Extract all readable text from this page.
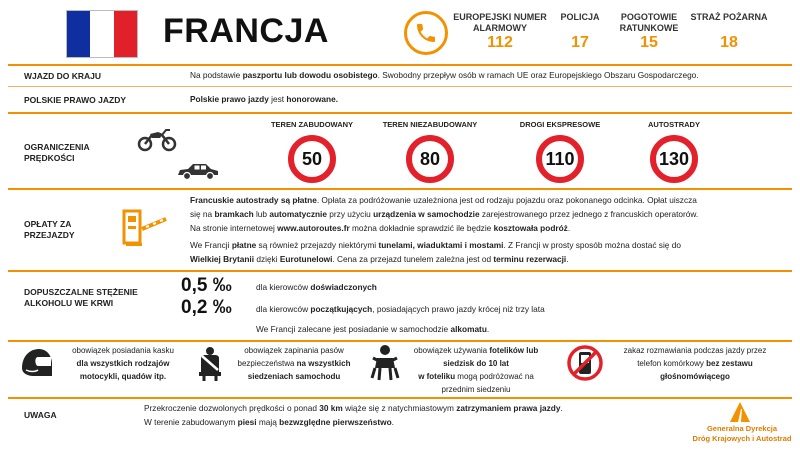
FRANCJA	EUROPEJSKI NUMER ALARMOWY
112
POLICJA
17
POGOTOWIE RATUNKOWE
15
STRAŻ POŻARNA
18
WJAZD DO KRAJU	Na podstawie paszportu lub dowodu osobistego. Swobodny przepływ osób w ramach UE oraz Europejskiego Obszaru Gospodarczego.
POLSKIE PRAWO JAZDY	Polskie prawo jazdy jest honorowane.
OGRANICZENIA
PRĘDKOŚCI
TEREN ZABUDOWANY	TEREN NIEZABUDOWANY	DROGI EKSPRESOWE	AUTOSTRADY
50	80	110	130
OPŁATY ZA
PRZEJAZDY
Francuskie autostrady są płatne. Opłata za podróżowanie uzależniona jest od rodzaju pojazdu oraz pokonanego odcinka. Opłat uiszcza
się na bramkach lub automatycznie przy użyciu urządzenia w samochodzie zarejestrowanego przez jednego z francuskich operatorów.
Na stronie internetowej www.autoroutes.fr można dokładnie sprawdzić ile będzie kosztowała podróż.
We Francji płatne są również przejazdy niektórymi tunelami, wiaduktami i mostami. Z Francji w prosty sposób można dostać się do
Wielkiej Brytanii dzięki Eurotunelowi. Cena za przejazd tunelem zależna jest od terminu rezerwacji.
DOPUSZCZALNE STĘŻENIE
ALKOHOLU WE KRWI
0,5 ‰	dla kierowców doświadczonych
0,2 ‰	dla kierowców początkujących, posiadających prawo jazdy krócej niż trzy lata
We Francji zalecane jest posiadanie w samochodzie alkomatu.
obowiązek posiadania kasku
dla wszystkich rodzajów
motocykli, quadów itp.
obowiązek zapinania pasów
bezpieczeństwa na wszystkich
siedzeniach samochodu
obowiązek używania fotelików lub
siedzisk do 10 lat
w foteliku mogą podróżować na
przednim siedzeniu
zakaz rozmawiania podczas jazdy przez
telefon komórkowy bez zestawu
głośnomówiącego
UWAGA
Przekroczenie dozwolonych prędkości o ponad 30 km wiąże się z natychmiastowym zatrzymaniem prawa jazdy.
W terenie zabudowanym piesi mają bezwzględne pierwszeństwo.
Generalna Dyrekcja
Dróg Krajowych i Autostrad
